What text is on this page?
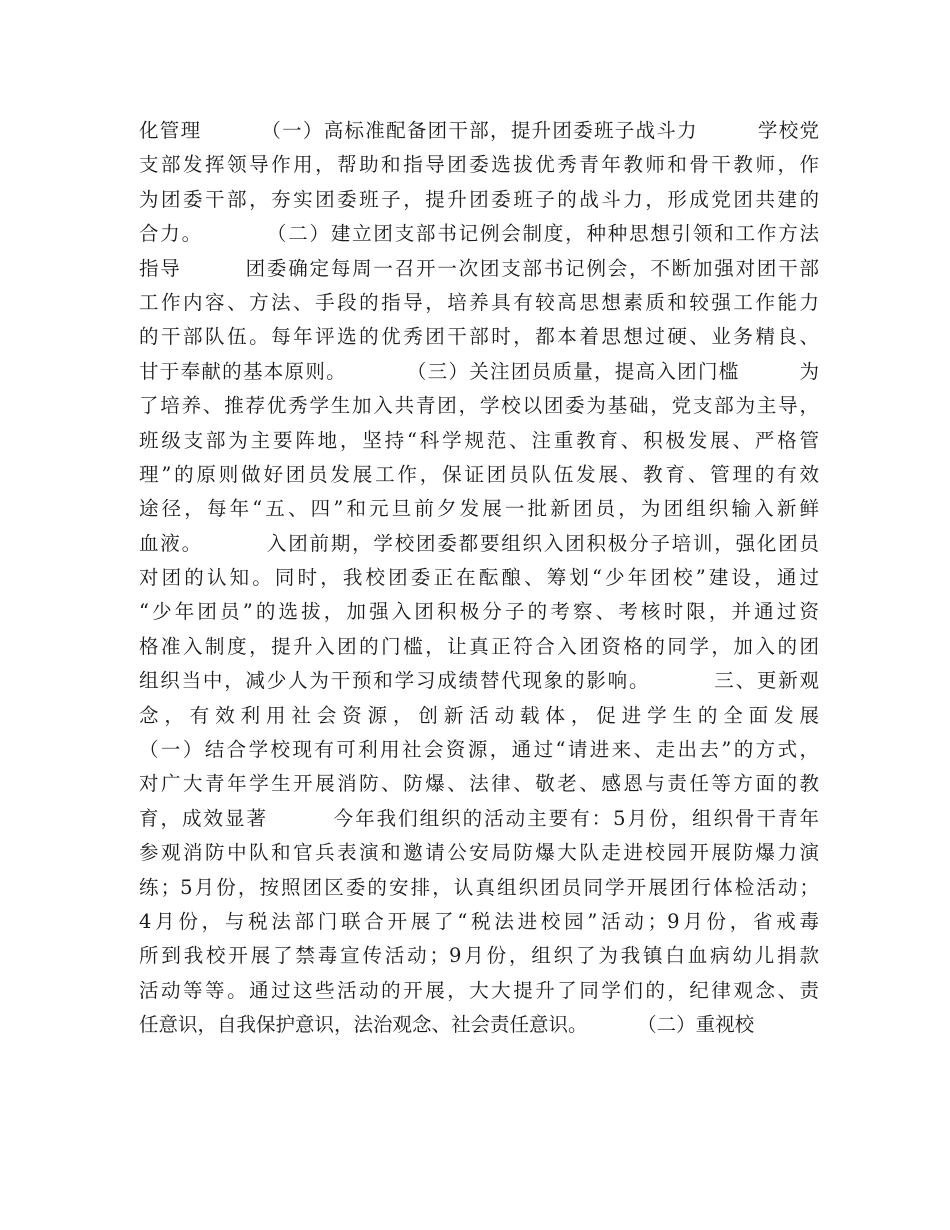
化管理        （一）高标准配备团干部，提升团委班子战斗力        学校党
支部发挥领导作用，帮助和指导团委选拔优秀青年教师和骨干教师，作
为团委干部，夯实团委班子，提升团委班子的战斗力，形成党团共建的
合力。        （二）建立团支部书记例会制度，种种思想引领和工作方法
指导        团委确定每周一召开一次团支部书记例会，不断加强对团干部
工作内容、方法、手段的指导，培养具有较高思想素质和较强工作能力
的干部队伍。每年评选的优秀团干部时，都本着思想过硬、业务精良、
甘于奉献的基本原则。        （三）关注团员质量，提高入团门槛        为
了培养、推荐优秀学生加入共青团，学校以团委为基础，党支部为主导，
班级支部为主要阵地，坚持“科学规范、注重教育、积极发展、严格管
理”的原则做好团员发展工作，保证团员队伍发展、教育、管理的有效
途径，每年“五、四”和元旦前夕发展一批新团员，为团组织输入新鲜
血液。        入团前期，学校团委都要组织入团积极分子培训，强化团员
对团的认知。同时，我校团委正在酝酿、筹划“少年团校”建设，通过
“少年团员”的选拔，加强入团积极分子的考察、考核时限，并通过资
格准入制度，提升入团的门槛，让真正符合入团资格的同学，加入的团
组织当中，减少人为干预和学习成绩替代现象的影响。        三、更新观
念，有效利用社会资源，创新活动载体，促进学生的全面发展
（一）结合学校现有可利用社会资源，通过“请进来、走出去”的方式，
对广大青年学生开展消防、防爆、法律、敬老、感恩与责任等方面的教
育，成效显著        今年我们组织的活动主要有：5月份，组织骨干青年
参观消防中队和官兵表演和邀请公安局防爆大队走进校园开展防爆力演
练；5月份，按照团区委的安排，认真组织团员同学开展团行体检活动；
4月份，与税法部门联合开展了“税法进校园”活动；9月份，省戒毒
所到我校开展了禁毒宣传活动；9月份，组织了为我镇白血病幼儿捐款
活动等等。通过这些活动的开展，大大提升了同学们的，纪律观念、责
任意识，自我保护意识，法治观念、社会责任意识。        （二）重视校
